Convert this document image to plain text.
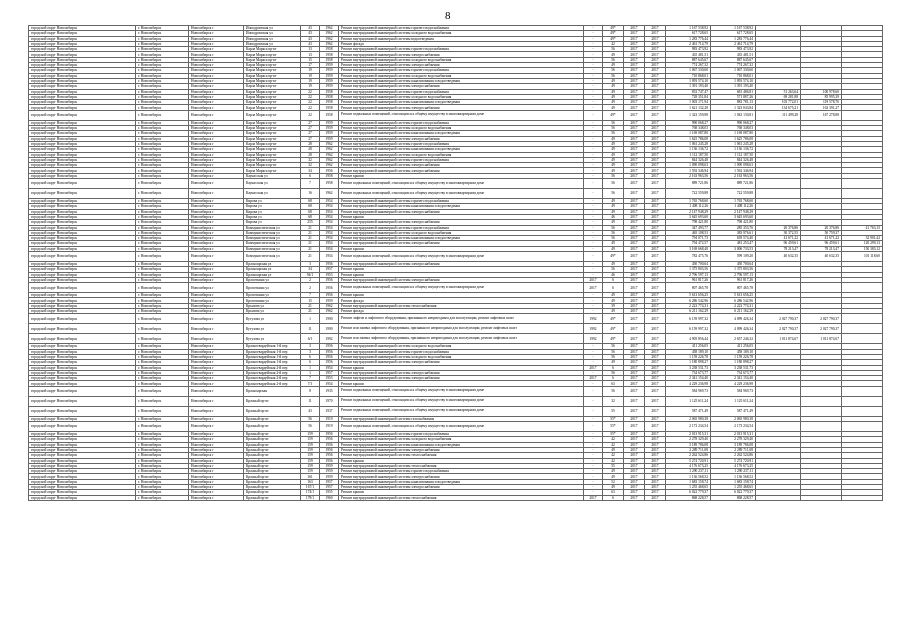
8
городской округ Новосибирск	г. Новосибирск	Новосибирск г	Ипподромская ул	43	1962	Ремонт внутридомовой инженерной системы горячего водоснабжения	-	49*	2017	2017	1 167 538,92	1 167 538,92			
городской округ Новосибирск	г. Новосибирск	Новосибирск г	Ипподромская ул	43	1962	Ремонт внутридомовой инженерной системы холодного водоснабжения	-	49*	2017	2017	617 728,65	617 728,65			
городской округ Новосибирск	г. Новосибирск	Новосибирск г	Ипподромская ул	43	1962	Ремонт внутридомовой инженерной системы водоотведения	-	49*	2017	2017	1 283 776,44	1 283 776,44			
городской округ Новосибирск	г. Новосибирск	Новосибирск г	Ипподромская ул	43	1962	Ремонт фасада	-	42	2017	2017	2 461 714,79	2 461 714,79			
городской округ Новосибирск	г. Новосибирск	Новосибирск г	Карла Маркса пр-кт	13	1958	Ремонт внутридомовой инженерной системы горячего водоснабжения	-	56	2017	2017	983 473,92	983 473,92			
городской округ Новосибирск	г. Новосибирск	Новосибирск г	Карла Маркса пр-кт	13	1958	Ремонт внутридомовой инженерной системы электроснабжения	-	49	2017	2017	435 481,51	435 481,51			
городской округ Новосибирск	г. Новосибирск	Новосибирск г	Карла Маркса пр-кт	15	1958	Ремонт внутридомовой инженерной системы холодного водоснабжения	-	56	2017	2017	887 645,67	887 645,67			
городской округ Новосибирск	г. Новосибирск	Новосибирск г	Карла Маркса пр-кт	17	1959	Ремонт внутридомовой инженерной системы электроснабжения	-	49	2017	2017	774 267,32	774 267,32			
городской округ Новосибирск	г. Новосибирск	Новосибирск г	Карла Маркса пр-кт	19	1959	Ремонт внутридомовой инженерной системы горячего водоснабжения	-	56	2017	2017	1 067 330,60	1 067 330,60			
городской округ Новосибирск	г. Новосибирск	Новосибирск г	Карла Маркса пр-кт	19	1959	Ремонт внутридомовой инженерной системы холодного водоснабжения	-	56	2017	2017	710 868,01	710 868,01			
городской округ Новосибирск	г. Новосибирск	Новосибирск г	Карла Маркса пр-кт	19	1959	Ремонт внутридомовой инженерной системы канализования и водоотведения	-	49	2017	2017	1 093 574,10	1 093 574,10			
городской округ Новосибирск	г. Новосибирск	Новосибирск г	Карла Маркса пр-кт	19	1959	Ремонт внутридомовой инженерной системы электроснабжения	-	49	2017	2017	1 391 193,40	1 391 193,40			
городской округ Новосибирск	г. Новосибирск	Новосибирск г	Карла Маркса пр-кт	22	1958	Ремонт внутридомовой инженерной системы горячего водоснабжения	-	49	2017	2017	833 747,47	681 486,81	51 263,64	100 978,60	
городской округ Новосибирск	г. Новосибирск	Новосибирск г	Карла Маркса пр-кт	22	1958	Ремонт внутридомовой инженерной системы холодного водоснабжения	-	49	2017	2017	728 351,84	571 887,26	69 281,88	85 995,39	
городской округ Новосибирск	г. Новосибирск	Новосибирск г	Карла Маркса пр-кт	22	1958	Ремонт внутридомовой инженерной системы канализования и водоотведения	-	49	2017	2017	1 003 171,94	883 781,13	103 772,01	119 578,76	
городской округ Новосибирск	г. Новосибирск	Новосибирск г	Карла Маркса пр-кт	22	1958	Ремонт внутридомовой инженерной системы электроснабжения	-	49	2017	2017	1 621 132,28	1 323 043,84	134 675,21	163 391,27	
городской округ Новосибирск	г. Новосибирск	Новосибирск г	Карла Маркса пр-кт	22	1958	Ремонт подвальных помещений, относящихся к общему имуществу в многоквартирном доме	-	49*	2017	2017	1 323 159,98	1 043 130,81	111 499,28	167 278,88	
городской округ Новосибирск	г. Новосибирск	Новосибирск г	Карла Маркса пр-кт	27	1959	Ремонт внутридомовой инженерной системы горячего водоснабжения	-	56	2017	2017	990 068,27	990 068,27			
городской округ Новосибирск	г. Новосибирск	Новосибирск г	Карла Маркса пр-кт	27	1959	Ремонт внутридомовой инженерной системы холодного водоснабжения	-	56	2017	2017	768 348,03	768 348,03			
городской округ Новосибирск	г. Новосибирск	Новосибирск г	Карла Маркса пр-кт	27	1959	Ремонт внутридомовой инженерной системы канализования и водоотведения	-	56	2017	2017	1 169 087,80	1 169 087,80			
городской округ Новосибирск	г. Новосибирск	Новосибирск г	Карла Маркса пр-кт	27	1959	Ремонт внутридомовой инженерной системы электроснабжения	-	49	2017	2017	1 625 786,08	1 625 786,08			
городской округ Новосибирск	г. Новосибирск	Новосибирск г	Карла Маркса пр-кт	28	1962	Ремонт внутридомовой инженерной системы горячего водоснабжения	-	49	2017	2017	1 061 245,28	1 061 245,28			
городской округ Новосибирск	г. Новосибирск	Новосибирск г	Карла Маркса пр-кт	28	1962	Ремонт внутридомовой инженерной системы канализования и водоотведения	-	49	2017	2017	1 136 136,72	1 136 136,72			
городской округ Новосибирск	г. Новосибирск	Новосибирск г	Карла Маркса пр-кт	28	1962	Ремонт внутридомовой инженерной системы холодного водоснабжения	-	49	2017	2017	1 112 187,50	1 112 187,50			
городской округ Новосибирск	г. Новосибирск	Новосибирск г	Карла Маркса пр-кт	32	1962	Ремонт внутридомовой инженерной системы горячего водоснабжения	-	49	2017	2017	844 326,48	844 326,48			
городской округ Новосибирск	г. Новосибирск	Новосибирск г	Карла Маркса пр-кт	32	1962	Ремонт внутридомовой инженерной системы электроснабжения	-	49	2017	2017	1 090 098,63	1 090 098,63			
городской округ Новосибирск	г. Новосибирск	Новосибирск г	Карла Маркса пр-кт	34	1956	Ремонт внутридомовой инженерной системы электроснабжения	-	49	2017	2017	1 592 346,94	1 592 346,94			
городской округ Новосибирск	г. Новосибирск	Новосибирск г	Каунасская ул	6	1958	Ремонт крыши	-	56	2017	2017	2 163 963,56	2 163 963,56			
городской округ Новосибирск	г. Новосибирск	Новосибирск г	Каунасская ул	7	1958	Ремонт подвальных помещений, относящихся к общему имуществу в многоквартирном доме	-	56	2017	2017	889 721,86	889 721,86			
городской округ Новосибирск	г. Новосибирск	Новосибирск г	Каунасская ул	16	1962	Ремонт подвальных помещений, относящихся к общему имуществу в многоквартирном доме	-	56	2017	2017	722 559,88	722 559,88			
городской округ Новосибирск	г. Новосибирск	Новосибирск г	Кирова ул	68	1954	Ремонт внутридомовой инженерной системы горячего водоснабжения	-	49	2017	2017	1 765 768,60	1 765 768,60			
городской округ Новосибирск	г. Новосибирск	Новосибирск г	Кирова ул	68	1954	Ремонт внутридомовой инженерной системы канализования и водоотведения	-	49	2017	2017	1 408 112,26	1 408 112,26			
городской округ Новосибирск	г. Новосибирск	Новосибирск г	Кирова ул	68	1954	Ремонт внутридомовой инженерной системы электроснабжения	-	49	2017	2017	2 147 948,29	2 147 948,29			
городской округ Новосибирск	г. Новосибирск	Новосибирск г	Кирова ул	68	1954	Ремонт крыши	-	46	2017	2017	3 645 693,60	3 645 693,60			
городской округ Новосибирск	г. Новосибирск	Новосибирск г	Кирова ул	255	1954	Ремонт внутридомовой инженерной системы электроснабжения	-	49	2017	2017	798 421,80	798 421,80			
городской округ Новосибирск	г. Новосибирск	Новосибирск г	Коммунистическая ул	21	1954	Ремонт внутридомовой инженерной системы горячего водоснабжения	-	56	2017	2017	347 493,77	285 353,76	20 376,86	20 376,86	41 763,15
городской округ Новосибирск	г. Новосибирск	Новосибирск г	Коммунистическая ул	21	1954	Ремонт внутридомовой инженерной системы холодного водоснабжения	-	56	2017	2017	465 108,53	383 976,61	30 372,55	50 759,37	
городской округ Новосибирск	г. Новосибирск	Новосибирск г	Коммунистическая ул	21	1954	Ремонт внутридомовой инженерной системы канализования и водоотведения	-	56	2017	2017	794 071,73	639 574,40	41 671,22	41 671,22	32 901,42
городской округ Новосибирск	г. Новосибирск	Новосибирск г	Коммунистическая ул	21	1954	Ремонт внутридомовой инженерной системы электроснабжения	-	49	2017	2017	794 472,57	481 253,47	96 459,61	96 459,61	120 299,13
городской округ Новосибирск	г. Новосибирск	Новосибирск г	Коммунистическая ул	21	1954	Ремонт крыши	-	49	2017	2017	3 169 668,40	3 006 733,53	78 213,47	78 213,47	150 383,12
городской округ Новосибирск	г. Новосибирск	Новосибирск г	Коммунистическая ул	21	1954	Ремонт подвальных помещений, относящихся к общему имуществу в многоквартирном доме	-	49*	2017	2017	782 475,76	599 109,20	40 632,35	40 632,35	101 118,60
городской округ Новосибирск	г. Новосибирск	Новосибирск г	Красноярская ул	3	1956	Ремонт внутридомовой инженерной системы электроснабжения	-	49	2017	2017	450 700,64	450 700,64			
городской округ Новосибирск	г. Новосибирск	Новосибирск г	Красноярская ул	34	1957	Ремонт крыши	-	56	2017	2017	1 375 803,56	1 375 803,56			
городской округ Новосибирск	г. Новосибирск	Новосибирск г	Красноярская ул	94/1	1953	Ремонт крыши	-	46	2017	2017	2 796 597,13	2 796 597,13			
городской округ Новосибирск	г. Новосибирск	Новосибирск г	Кропоткина ул	2	1956	Ремонт внутридомовой инженерной системы электроснабжения	2017	6	2017	2017	961 817,26	961 817,26			
городской округ Новосибирск	г. Новосибирск	Новосибирск г	Кропоткина ул	2	1956	Ремонт подвальных помещений, относящихся к общему имуществу в многоквартирном доме	2017	6	2017	2017	807 465,78	807 465,78			
городской округ Новосибирск	г. Новосибирск	Новосибирск г	Кропоткина ул	7	1956	Ремонт крыши	-	49	2017	2017	5 613 656,25	5 613 656,25			
городской округ Новосибирск	г. Новосибирск	Новосибирск г	Кропоткина ул	15	1959	Ремонт фасада	-	49	2017	2017	6 286 542,96	6 286 542,96			
городской округ Новосибирск	г. Новосибирск	Новосибирск г	Крылова ул	21	1962	Ремонт внутридомовой инженерной системы теплоснабжения	-	39	2017	2017	2 223 774,31	2 223 774,31			
городской округ Новосибирск	г. Новосибирск	Новосибирск г	Крылова ул	21	1962	Ремонт фасада	-	49	2017	2017	6 211 162,29	6 211 162,29			
городской округ Новосибирск	г. Новосибирск	Новосибирск г	Кутузова ул	1	1990	Ремонт лифтов и лифтового оборудования, признанного непригодным для эксплуатации, ремонт лифтовых шахт	1992	49*	2017	2017	6 159 997,32	4 099 426,34	2 027 790,37	2 027 790,37	
городской округ Новосибирск	г. Новосибирск	Новосибирск г	Кутузова ул	11	1990	Ремонт или замена лифтового оборудования, признанного непригодным для эксплуатации, ремонт лифтовых шахт	1992	49*	2017	2017	6 159 997,32	4 099 426,34	2 027 790,37	2 027 790,37	
городской округ Новосибирск	г. Новосибирск	Новосибирск г	Кутузова ул	6/1	1992	Ремонт или замена лифтового оборудования, признанного непригодным для эксплуатации, ремонт лифтовых шахт	1992	49*	2017	2017	4 905 856,44	2 657 246,32	1 011 874,67	1 011 874,67	
городской округ Новосибирск	г. Новосибирск	Новосибирск г	Красногвардейская 1-й пер	3	1956	Ремонт внутридомовой инженерной системы холодного водоснабжения	-	56	2017	2017	411 256,05	411 256,05			
городской округ Новосибирск	г. Новосибирск	Новосибирск г	Красногвардейская 1-й пер	3	1956	Ремонт внутридомовой инженерной системы горячего водоснабжения	-	56	2017	2017	458 189,10	458 189,10			
городской округ Новосибирск	г. Новосибирск	Новосибирск г	Красногвардейская 1-й пер	6	1956	Ремонт внутридомовой инженерной системы холодного водоснабжения	-	56	2017	2017	1 159 226,78	1 159 226,78			
городской округ Новосибирск	г. Новосибирск	Новосибирск г	Красногвардейская 1-й пер	6	1956	Ремонт внутридомовой инженерной системы электроснабжения	-	49	2017	2017	1 180 898,27	1 180 898,27			
городской округ Новосибирск	г. Новосибирск	Новосибирск г	Красногвардейская 2-й пер	1	1954	Ремонт крыши	2017	6	2017	2017	3 238 531,73	3 238 531,73			
городской округ Новосибирск	г. Новосибирск	Новосибирск г	Красногвардейская 2-й пер	1	1957	Ремонт внутридомовой инженерной системы электроснабжения	-	56	2017	2017	734 673,77	734 673,77			
городской округ Новосибирск	г. Новосибирск	Новосибирск г	Красногвардейская 2-й пер	7	1953	Ремонт внутридомовой инженерной системы электроснабжения	2017	6	2017	2017	2 341 154,40	2 341 154,40			
городской округ Новосибирск	г. Новосибирск	Новосибирск г	Красногвардейская 2-й пер	7/1	1954	Ремонт крыши	-	63	2017	2017	4 229 236,98	4 229 236,98			
городской округ Новосибирск	г. Новосибирск	Новосибирск г	Красноярская	8	1935	Ремонт подвальных помещений, относящихся к общему имуществу в многоквартирном доме	-	56	2017	2017	584 969,73	584 969,73			
городской округ Новосибирск	г. Новосибирск	Новосибирск г	Красный пр-кт	11	1970	Ремонт подвальных помещений, относящихся к общему имуществу в многоквартирном доме	-	32	2017	2017	1 125 611,24	1 125 611,24			
городской округ Новосибирск	г. Новосибирск	Новосибирск г	Красный пр-кт	43	1937	Ремонт подвальных помещений, относящихся к общему имуществу в многоквартирном доме	-	55	2017	2017	587 471,49	587 471,49			
городской округ Новосибирск	г. Новосибирск	Новосибирск г	Красный пр-кт	56	1919	Ремонт внутридомовой инженерной системы газоснабжения	-	55*	2017	2017	2 065 980,38	2 065 980,38			
городской округ Новосибирск	г. Новосибирск	Новосибирск г	Красный пр-кт	56	1919	Ремонт подвальных помещений, относящихся к общему имуществу в многоквартирном доме	-	55*	2017	2017	2 173 234,54	2 173 234,54			
городской округ Новосибирск	г. Новосибирск	Новосибирск г	Красный пр-кт	159	1956	Ремонт внутридомовой инженерной системы горячего водоснабжения	-	55*	2017	2017	2 013 915,31	2 013 915,31			
городской округ Новосибирск	г. Новосибирск	Новосибирск г	Красный пр-кт	159	1956	Ремонт внутридомовой инженерной системы холодного водоснабжения	-	42	2017	2017	2 278 329,40	2 278 329,40			
городской округ Новосибирск	г. Новосибирск	Новосибирск г	Красный пр-кт	159	1956	Ремонт внутридомовой инженерной системы канализования и водоотведения	-	42	2017	2017	3 189 786,08	3 189 786,08			
городской округ Новосибирск	г. Новосибирск	Новосибирск г	Красный пр-кт	159	1956	Ремонт внутридомовой инженерной системы электроснабжения	-	49	2017	2017	2 289 711,08	2 289 711,08			
городской округ Новосибирск	г. Новосибирск	Новосибирск г	Красный пр-кт	159	1956	Ремонт внутридомовой инженерной системы теплоснабжения	-	42	2017	2017	2 262 524,86	2 262 524,86			
городской округ Новосибирск	г. Новосибирск	Новосибирск г	Красный пр-кт	159	1956	Ремонт крыши	-	42	2017	2017	5 274 720,91	5 274 720,91			
городской округ Новосибирск	г. Новосибирск	Новосибирск г	Красный пр-кт	159	1959	Ремонт внутридомовой инженерной системы теплоснабжения	-	55	2017	2017	4 176 673,25	4 176 673,25			
городской округ Новосибирск	г. Новосибирск	Новосибирск г	Красный пр-кт	159	1959	Ремонт внутридомовой инженерной системы горячего водоснабжения	-	49	2017	2017	1 290 237,11	1 290 237,11			
городской округ Новосибирск	г. Новосибирск	Новосибирск г	Красный пр-кт	161	1959	Ремонт внутридомовой инженерной системы электроснабжения	-	49	2017	2017	1 136 568,52	1 136 568,52			
городской округ Новосибирск	г. Новосибирск	Новосибирск г	Красный пр-кт	163	1957	Ремонт внутридомовой инженерной системы канализования и водоотведения	-	52	2017	2017	1 683 158,74	1 683 158,74			
городской округ Новосибирск	г. Новосибирск	Новосибирск г	Красный пр-кт	167/1	1957	Ремонт внутридомовой инженерной системы электроснабжения	-	49	2017	2017	1 255 468,65	1 255 468,65			
городской округ Новосибирск	г. Новосибирск	Новосибирск г	Красный пр-кт	174/1	1955	Ремонт крыши	-	63	2017	2017	6 022 779,37	6 022 779,37			
городской округ Новосибирск	г. Новосибирск	Новосибирск г	Красный пр-кт	178/1	1960	Ремонт внутридомовой инженерной системы теплоснабжения	2017	6	2017	2017	868 228,57	868 228,57			
